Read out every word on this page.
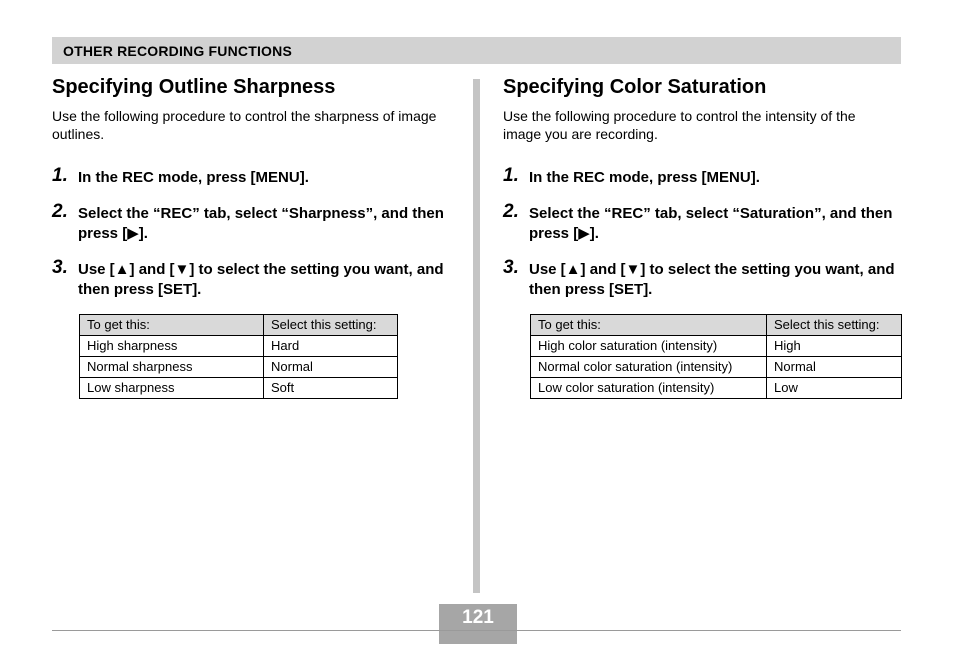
OTHER RECORDING FUNCTIONS
Specifying Outline Sharpness
Use the following procedure to control the sharpness of image outlines.
1. In the REC mode, press [MENU].
2. Select the “REC” tab, select “Sharpness”, and then press [▶].
3. Use [▲] and [▼] to select the setting you want, and then press [SET].
To get this:	Select this setting:
High sharpness	Hard
Normal sharpness	Normal
Low sharpness	Soft
Specifying Color Saturation
Use the following procedure to control the intensity of the image you are recording.
1. In the REC mode, press [MENU].
2. Select the “REC” tab, select “Saturation”, and then press [▶].
3. Use [▲] and [▼] to select the setting you want, and then press [SET].
To get this:	Select this setting:
High color saturation (intensity)	High
Normal color saturation (intensity)	Normal
Low color saturation (intensity)	Low
121
